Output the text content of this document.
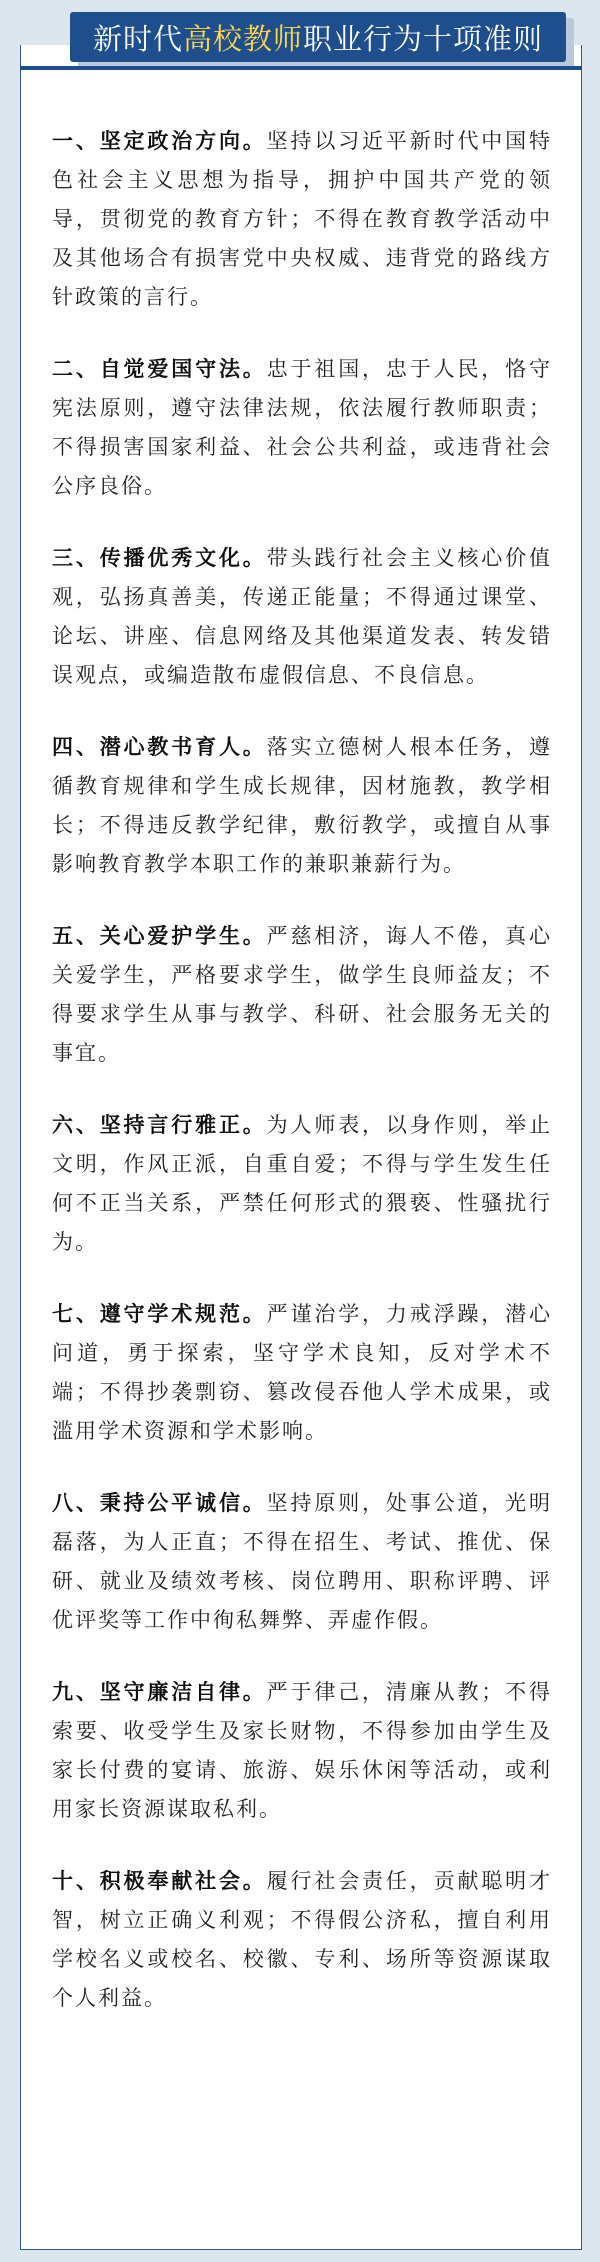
新时代 高校教师 职业行为十项准则

一、坚定政治方向。坚持以习近平新时代中国特色社会主义思想为指导，拥护中国共产党的领导，贯彻党的教育方针；不得在教育教学活动中及其他场合有损害党中央权威、违背党的路线方针政策的言行。

二、自觉爱国守法。忠于祖国，忠于人民，恪守宪法原则，遵守法律法规，依法履行教师职责；不得损害国家利益、社会公共利益，或违背社会公序良俗。

三、传播优秀文化。带头践行社会主义核心价值观，弘扬真善美，传递正能量；不得通过课堂、论坛、讲座、信息网络及其他渠道发表、转发错误观点，或编造散布虚假信息、不良信息。

四、潜心教书育人。落实立德树人根本任务，遵循教育规律和学生成长规律，因材施教，教学相长；不得违反教学纪律，敷衍教学，或擅自从事影响教育教学本职工作的兼职兼薪行为。

五、关心爱护学生。严慈相济，诲人不倦，真心关爱学生，严格要求学生，做学生良师益友；不得要求学生从事与教学、科研、社会服务无关的事宜。

六、坚持言行雅正。为人师表，以身作则，举止文明，作风正派，自重自爱；不得与学生发生任何不正当关系，严禁任何形式的猥亵、性骚扰行为。

七、遵守学术规范。严谨治学，力戒浮躁，潜心问道，勇于探索，坚守学术良知，反对学术不端；不得抄袭剽窃、篡改侵吞他人学术成果，或滥用学术资源和学术影响。

八、秉持公平诚信。坚持原则，处事公道，光明磊落，为人正直；不得在招生、考试、推优、保研、就业及绩效考核、岗位聘用、职称评聘、评优评奖等工作中徇私舞弊、弄虚作假。

九、坚守廉洁自律。严于律己，清廉从教；不得索要、收受学生及家长财物，不得参加由学生及家长付费的宴请、旅游、娱乐休闲等活动，或利用家长资源谋取私利。

十、积极奉献社会。履行社会责任，贡献聪明才智，树立正确义利观；不得假公济私，擅自利用学校名义或校名、校徽、专利、场所等资源谋取个人利益。
